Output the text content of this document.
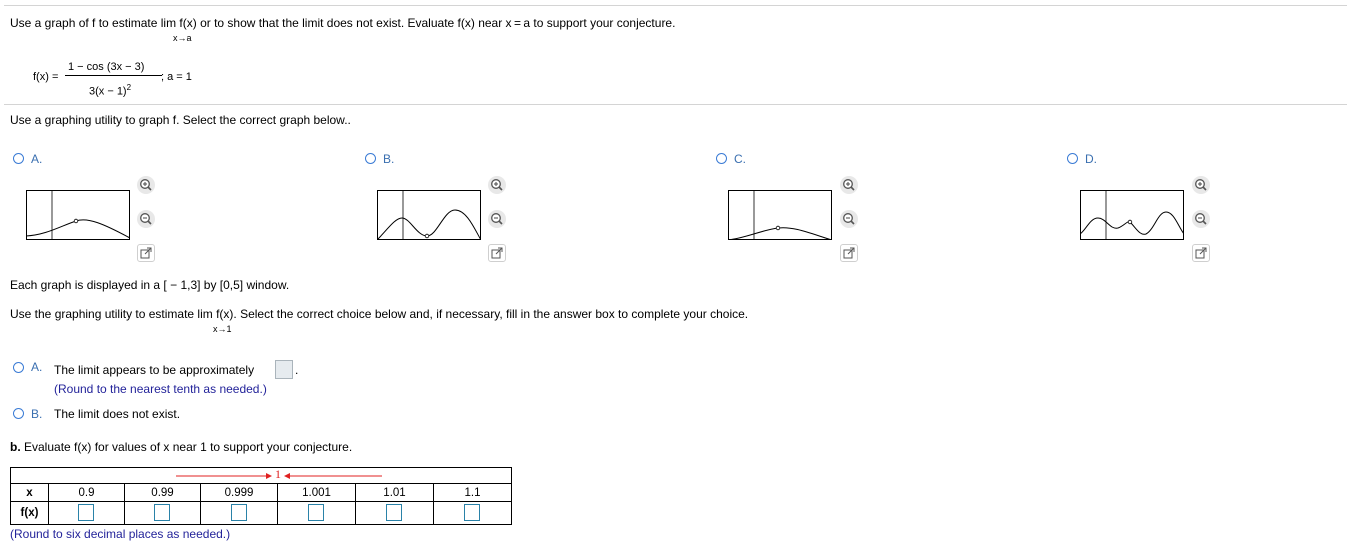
Use a graph of f to estimate lim f(x) or to show that the limit does not exist. Evaluate f(x) near x = a to support your conjecture.
x→a
f(x) =
1 − cos (3x − 3)
$3(x - 1)^2$
; a = 1
Use a graphing utility to graph f. Select the correct graph below..
A.	B.	C.	D.
Each graph is displayed in a [ − 1,3] by [0,5] window.
Use the graphing utility to estimate lim f(x). Select the correct choice below and, if necessary, fill in the answer box to complete your choice.
x→1
A. The limit appears to be approximately	.
(Round to the nearest tenth as needed.)
B. The limit does not exist.
b. Evaluate f(x) for values of x near 1 to support your conjecture.
1

x	0.9	0.99	0.999	1.001	1.01	1.1
f(x)	

(Round to six decimal places as needed.)
